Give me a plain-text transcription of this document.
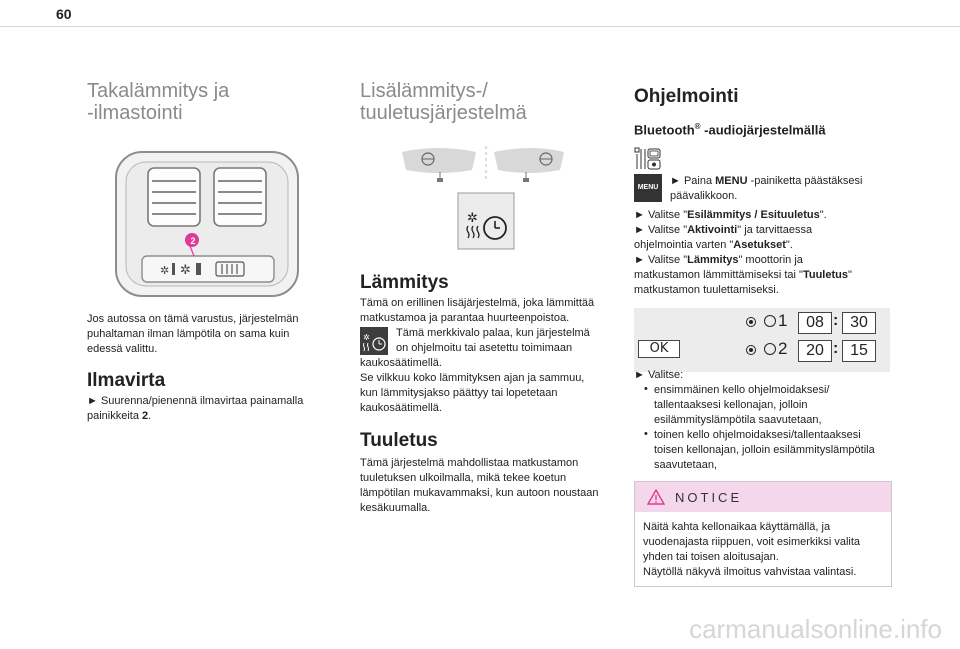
60
Takalämmitys ja
-ilmastointi
✲ ✲
2

Jos autossa on tämä varustus, järjestelmän
puhaltaman ilman lämpötila on sama kuin
edessä valittu.

Ilmavirta

► Suurenna/pienennä ilmavirtaa painamalla
painikkeita 2.

Lisälämmitys-/
tuuletusjärjestelmä
✲
Lämmitys

Tämä on erillinen lisäjärjestelmä, joka lämmittää
matkustamoa ja parantaa huurteenpoistoa.

✲ Tämä merkkivalo palaa, kun järjestelmä
on ohjelmoitu tai asetettu toimimaan

kaukosäätimellä.
Se vilkkuu koko lämmityksen ajan ja sammuu,
kun lämmitysjakso päättyy tai lopetetaan
kaukosäätimellä.

Tuuletus

Tämä järjestelmä mahdollistaa matkustamon
tuuletuksen ulkoilmalla, mikä tekee koetun
lämpötilan mukavammaksi, kun autoon noustaan
kesäkuumalla.

Ohjelmointi
Bluetooth® -audiojärjestelmällä
MENU

► Paina MENU -painiketta päästäksesi
päävalikkoon.

► Valitse "Esilämmitys / Esituuletus".

► Valitse "Aktivointi" ja tarvittaessa
ohjelmointia varten "Asetukset".

► Valitse "Lämmitys" moottorin ja
matkustamon lämmittämiseksi tai "Tuuletus"
matkustamon tuulettamiseksi.

OK
1	08 : 30
2	20 : 15

► Valitse:

• ensimmäinen kello ohjelmoidaksesi/
tallentaaksesi kellonajan, jolloin
esilämmityslämpötila saavutetaan,

• toinen kello ohjelmoidaksesi/tallentaaksesi
toisen kellonajan, jolloin esilämmityslämpötila
saavutetaan,

NOTICE

Näitä kahta kellonaikaa käyttämällä, ja
vuodenajasta riippuen, voit esimerkiksi valita
yhden tai toisen aloitusajan.
Näytöllä näkyvä ilmoitus vahvistaa valintasi.

carmanualsonline.info
